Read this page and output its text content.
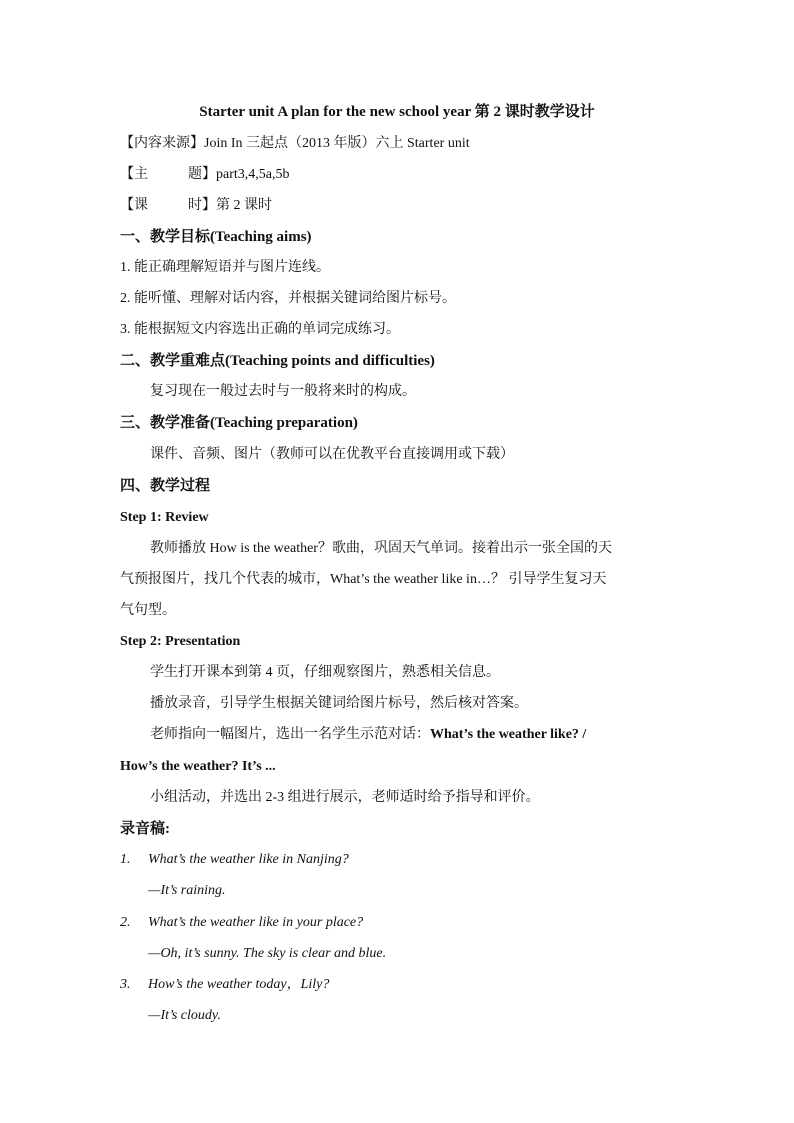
Starter unit A plan for the new school year 第 2 课时教学设计
【内容来源】Join In 三起点（2013 年版）六上 Starter unit
【主	题】part3,4,5a,5b
【课	时】第 2 课时
一、教学目标(Teaching aims)
1. 能正确理解短语并与图片连线。
2. 能听懂、理解对话内容，并根据关键词给图片标号。
3. 能根据短文内容选出正确的单词完成练习。
二、教学重难点(Teaching points and difficulties)
复习现在一般过去时与一般将来时的构成。
三、教学准备(Teaching preparation)
课件、音频、图片（教师可以在优教平台直接调用或下载）
四、教学过程
Step 1: Review
教师播放 How is the weather？歌曲，巩固天气单词。接着出示一张全国的天
气预报图片，找几个代表的城市，What’s the weather like in…？ 引导学生复习天
气句型。
Step 2: Presentation
学生打开课本到第 4 页，仔细观察图片，熟悉相关信息。
播放录音，引导学生根据关键词给图片标号，然后核对答案。
老师指向一幅图片，选出一名学生示范对话：What’s the weather like? /
How’s the weather? It’s ...
小组活动，并选出 2-3 组进行展示，老师适时给予指导和评价。
录音稿:
1. What’s the weather like in Nanjing?
—It’s raining.
2. What’s the weather like in your place?
—Oh, it’s sunny. The sky is clear and blue.
3. How’s the weather today，Lily?
—It’s cloudy.
